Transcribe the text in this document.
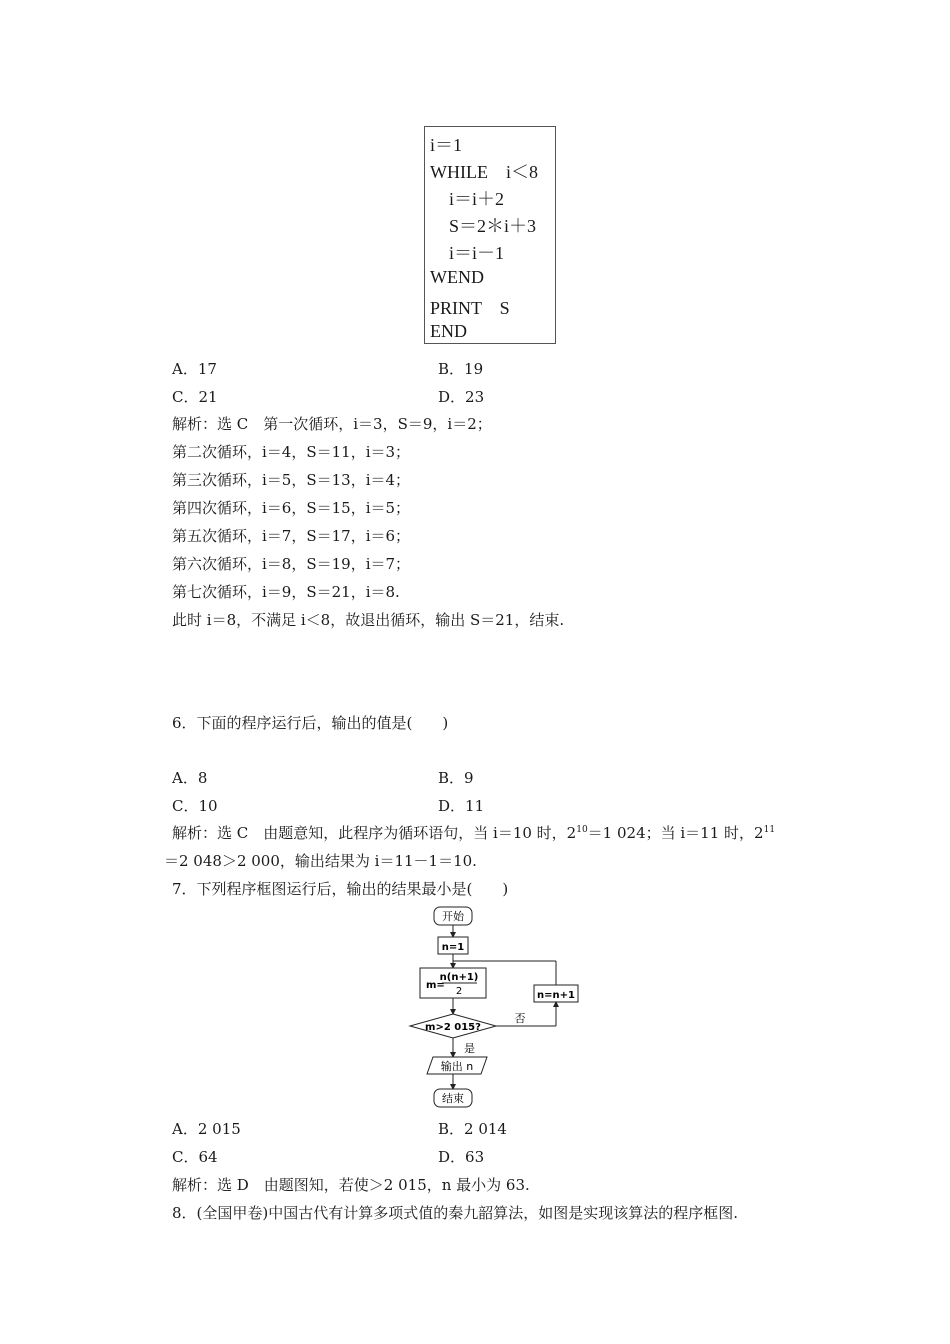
i＝1
WHILE　i＜8
i＝i＋2
S＝2＊i＋3
i＝i－1
WEND
PRINT　S
END
A．17	B．19
C．21	D．23
解析：选 C　第一次循环，i＝3，S＝9，i＝2；
第二次循环，i＝4，S＝11，i＝3；
第三次循环，i＝5，S＝13，i＝4；
第四次循环，i＝6，S＝15，i＝5；
第五次循环，i＝7，S＝17，i＝6；
第六次循环，i＝8，S＝19，i＝7；
第七次循环，i＝9，S＝21，i＝8.
此时 i＝8，不满足 i＜8，故退出循环，输出 S＝21，结束.
6．下面的程序运行后，输出的值是(　　)
A．8	B．9
C．10	D．11
解析：选 C　由题意知，此程序为循环语句，当 i＝10 时，$2^{10}=1$ 024；当 i＝11 时，$2^{11}$
＝2 048＞2 000，输出结果为 i＝11－1＝10.
7．下列程序框图运行后，输出的结果最小是(　　)
开始
n=1
m=
n(n+1)
2	n=n+1
m>2 015?
否
是
输出 n
结束
A．2 015	B．2 014
C．64	D．63
解析：选 D　由题图知，若使＞2 015，n 最小为 63.
8．(全国甲卷)中国古代有计算多项式值的秦九韶算法，如图是实现该算法的程序框图.
